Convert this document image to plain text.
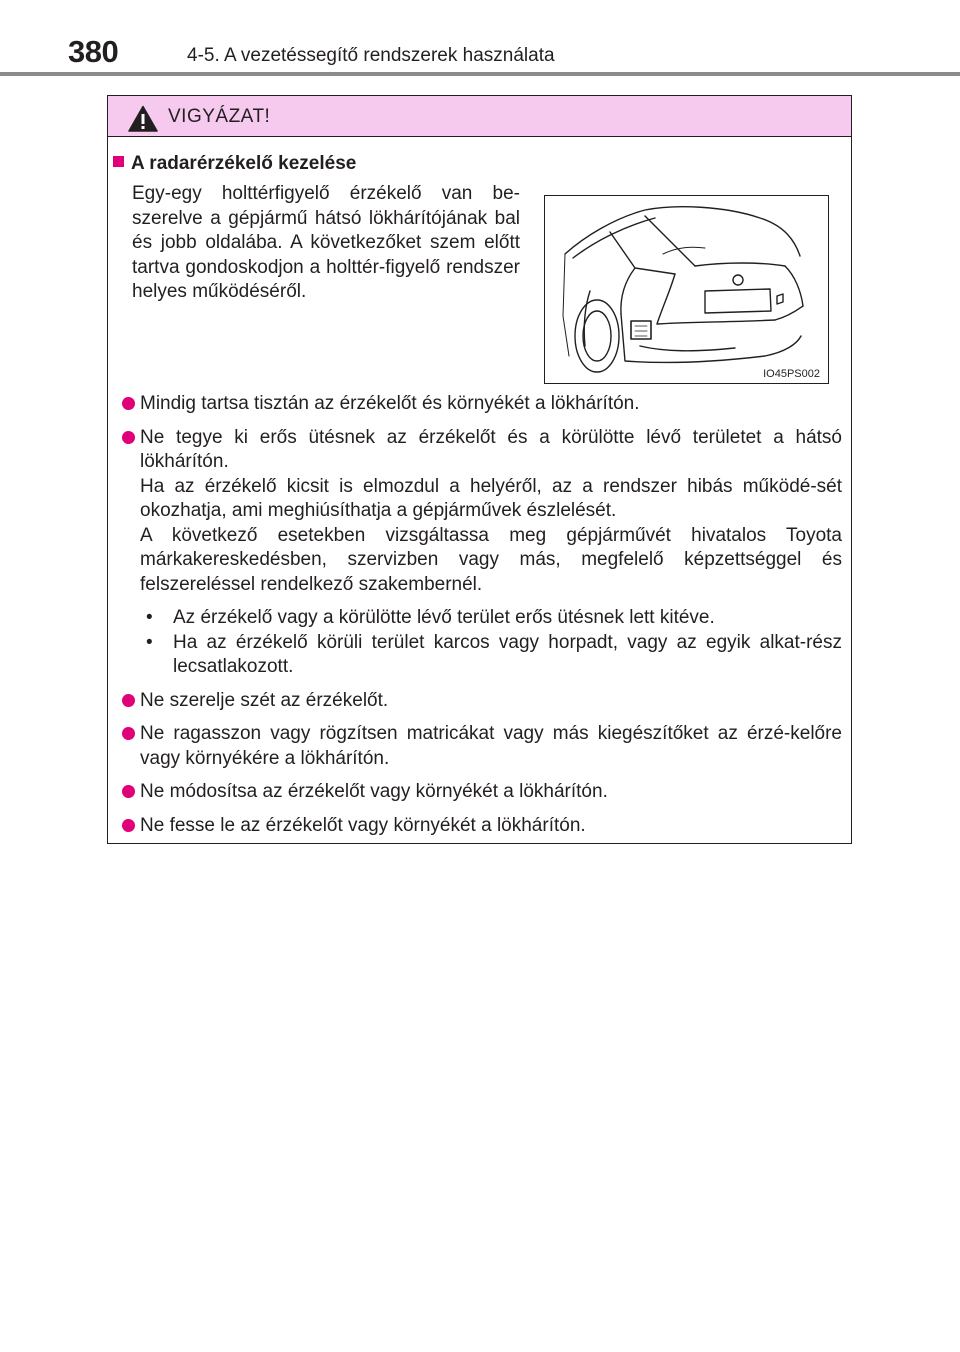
380	4-5. A vezetéssegítő rendszerek használata
VIGYÁZAT!
A radarérzékelő kezelése
Egy-egy holttérfigyelő érzékelő van be-szerelve a gépjármű hátsó lökhárítójának bal és jobb oldalába. A következőket szem előtt tartva gondoskodjon a holttér-figyelő rendszer helyes működéséről.
IO45PS002

Mindig tartsa tisztán az érzékelőt és környékét a lökhárítón.

Ne tegye ki erős ütésnek az érzékelőt és a körülötte lévő területet a hátsó lökhárítón.

Ha az érzékelő kicsit is elmozdul a helyéről, az a rendszer hibás működé-sét okozhatja, ami meghiúsíthatja a gépjárművek észlelését.

A következő esetekben vizsgáltassa meg gépjárművét hivatalos Toyota márkakereskedésben, szervizben vagy más, megfelelő képzettséggel és felszereléssel rendelkező szakembernél.

• Az érzékelő vagy a körülötte lévő terület erős ütésnek lett kitéve.
• Ha az érzékelő körüli terület karcos vagy horpadt, vagy az egyik alkat-rész lecsatlakozott.

Ne szerelje szét az érzékelőt.

Ne ragasszon vagy rögzítsen matricákat vagy más kiegészítőket az érzé-kelőre vagy környékére a lökhárítón.

Ne módosítsa az érzékelőt vagy környékét a lökhárítón.

Ne fesse le az érzékelőt vagy környékét a lökhárítón.
